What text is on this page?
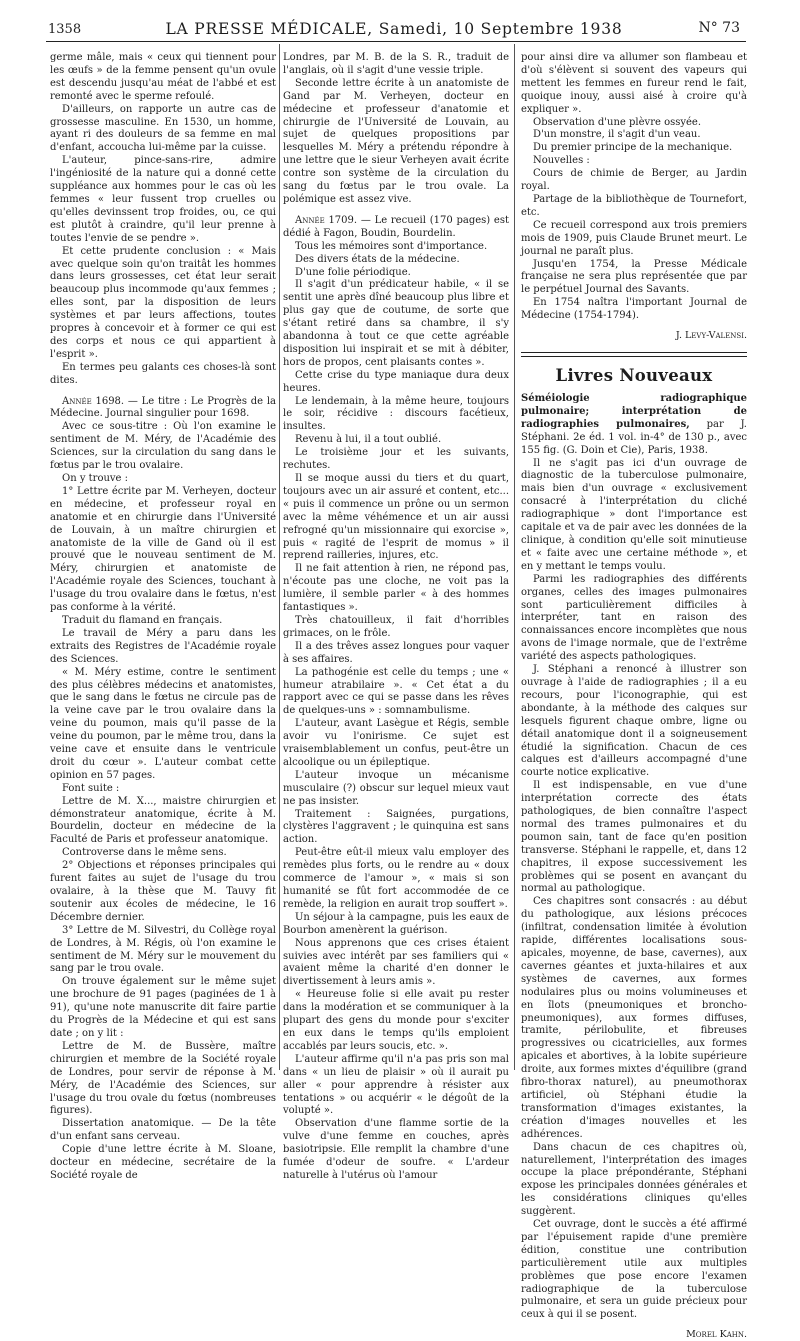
1358	LA PRESSE MÉDICALE, Samedi, 10 Septembre 1938	N° 73

germe mâle, mais « ceux qui tiennent pour les œufs » de la femme pensent qu'un ovule est descendu jusqu'au méat de l'abbé et est remonté avec le sperme refoulé.

D'ailleurs, on rapporte un autre cas de grossesse masculine. En 1530, un homme, ayant ri des douleurs de sa femme en mal d'enfant, accoucha lui-même par la cuisse.

L'auteur, pince-sans-rire, admire l'ingéniosité de la nature qui a donné cette suppléance aux hommes pour le cas où les femmes « leur fussent trop cruelles ou qu'elles devinssent trop froides, ou, ce qui est plutôt à craindre, qu'il leur prenne à toutes l'envie de se pendre ».

Et cette prudente conclusion : « Mais avec quelque soin qu'on traitât les hommes dans leurs grossesses, cet état leur serait beaucoup plus incommode qu'aux femmes ; elles sont, par la disposition de leurs systèmes et par leurs affections, toutes propres à concevoir et à former ce qui est des corps et nous ce qui appartient à l'esprit ».

En termes peu galants ces choses-là sont dites.

Année 1698. — Le titre : Le Progrès de la Médecine. Journal singulier pour 1698.

Avec ce sous-titre : Où l'on examine le sentiment de M. Méry, de l'Académie des Sciences, sur la circulation du sang dans le fœtus par le trou ovalaire.

On y trouve :

1° Lettre écrite par M. Verheyen, docteur en médecine, et professeur royal en anatomie et en chirurgie dans l'Université de Louvain, à un maître chirurgien et anatomiste de la ville de Gand où il est prouvé que le nouveau sentiment de M. Méry, chirurgien et anatomiste de l'Académie royale des Sciences, touchant à l'usage du trou ovalaire dans le fœtus, n'est pas conforme à la vérité.

Traduit du flamand en français.

Le travail de Méry a paru dans les extraits des Registres de l'Académie royale des Sciences.

« M. Méry estime, contre le sentiment des plus célèbres médecins et anatomistes, que le sang dans le fœtus ne circule pas de la veine cave par le trou ovalaire dans la veine du poumon, mais qu'il passe de la veine du poumon, par le même trou, dans la veine cave et ensuite dans le ventricule droit du cœur ». L'auteur combat cette opinion en 57 pages.

Font suite :

Lettre de M. X..., maistre chirurgien et démonstrateur anatomique, écrite à M. Bourdelin, docteur en médecine de la Faculté de Paris et professeur anatomique.

Controverse dans le même sens.

2° Objections et réponses principales qui furent faites au sujet de l'usage du trou ovalaire, à la thèse que M. Tauvy fit soutenir aux écoles de médecine, le 16 Décembre dernier.

3° Lettre de M. Silvestri, du Collège royal de Londres, à M. Régis, où l'on examine le sentiment de M. Méry sur le mouvement du sang par le trou ovale.

On trouve également sur le même sujet une brochure de 91 pages (paginées de 1 à 91), qu'une note manuscrite dit faire partie du Progrès de la Médecine et qui est sans date ; on y lit :

Lettre de M. de Bussère, maître chirurgien et membre de la Société royale de Londres, pour servir de réponse à M. Méry, de l'Académie des Sciences, sur l'usage du trou ovale du fœtus (nombreuses figures).

Dissertation anatomique. — De la tête d'un enfant sans cerveau.

Copie d'une lettre écrite à M. Sloane, docteur en médecine, secrétaire de la Société royale de

Londres, par M. B. de la S. R., traduit de l'anglais, où il s'agit d'une vessie triple.

Seconde lettre écrite à un anatomiste de Gand par M. Verheyen, docteur en médecine et professeur d'anatomie et chirurgie de l'Université de Louvain, au sujet de quelques propositions par lesquelles M. Méry a prétendu répondre à une lettre que le sieur Verheyen avait écrite contre son système de la circulation du sang du fœtus par le trou ovale. La polémique est assez vive.

Année 1709. — Le recueil (170 pages) est dédié à Fagon, Boudin, Bourdelin.

Tous les mémoires sont d'importance.

Des divers états de la médecine.

D'une folie périodique.

Il s'agit d'un prédicateur habile, « il se sentit une après dîné beaucoup plus libre et plus gay que de coutume, de sorte que s'étant retiré dans sa chambre, il s'y abandonna à tout ce que cette agréable disposition lui inspirait et se mit à débiter, hors de propos, cent plaisants contes ».

Cette crise du type maniaque dura deux heures.

Le lendemain, à la même heure, toujours le soir, récidive : discours facétieux, insultes.

Revenu à lui, il a tout oublié.

Le troisième jour et les suivants, rechutes.

Il se moque aussi du tiers et du quart, toujours avec un air assuré et content, etc... « puis il commence un prône ou un sermon avec la même véhémence et un air aussi refrogné qu'un missionnaire qui exorcise », puis « ragité de l'esprit de momus » il reprend railleries, injures, etc.

Il ne fait attention à rien, ne répond pas, n'écoute pas une cloche, ne voit pas la lumière, il semble parler « à des hommes fantastiques ».

Très chatouilleux, il fait d'horribles grimaces, on le frôle.

Il a des trêves assez longues pour vaquer à ses affaires.

La pathogénie est celle du temps ; une « humeur atrabilaire ». « Cet état a du rapport avec ce qui se passe dans les rêves de quelques-uns » : somnambulisme.

L'auteur, avant Lasègue et Régis, semble avoir vu l'onirisme. Ce sujet est vraisemblablement un confus, peut-être un alcoolique ou un épileptique.

L'auteur invoque un mécanisme musculaire (?) obscur sur lequel mieux vaut ne pas insister.

Traitement : Saignées, purgations, clystères l'aggravent ; le quinquina est sans action.

Peut-être eût-il mieux valu employer des remèdes plus forts, ou le rendre au « doux commerce de l'amour », « mais si son humanité se fût fort accommodée de ce remède, la religion en aurait trop souffert ».

Un séjour à la campagne, puis les eaux de Bourbon amenèrent la guérison.

Nous apprenons que ces crises étaient suivies avec intérêt par ses familiers qui « avaient même la charité d'en donner le divertissement à leurs amis ».

« Heureuse folie si elle avait pu rester dans la modération et se communiquer à la plupart des gens du monde pour s'exciter en eux dans le temps qu'ils emploient accablés par leurs soucis, etc. ».

L'auteur affirme qu'il n'a pas pris son mal dans « un lieu de plaisir » où il aurait pu aller « pour apprendre à résister aux tentations » ou acquérir « le dégoût de la volupté ».

Observation d'une flamme sortie de la vulve d'une femme en couches, après basiotripsie. Elle remplit la chambre d'une fumée d'odeur de soufre. « L'ardeur naturelle à l'utérus où l'amour

pour ainsi dire va allumer son flambeau et d'où s'élèvent si souvent des vapeurs qui mettent les femmes en fureur rend le fait, quoique inouy, aussi aisé à croire qu'à expliquer ».

Observation d'une plèvre ossyée.

D'un monstre, il s'agit d'un veau.

Du premier principe de la mechanique.

Nouvelles :

Cours de chimie de Berger, au Jardin royal.

Partage de la bibliothèque de Tournefort, etc.

Ce recueil correspond aux trois premiers mois de 1909, puis Claude Brunet meurt. Le journal ne paraît plus.

Jusqu'en 1754, la Presse Médicale française ne sera plus représentée que par le perpétuel Journal des Savants.

En 1754 naîtra l'important Journal de Médecine (1754-1794).

J. Levy-Valensi.

Livres Nouveaux

Séméiologie radiographique pulmonaire; interprétation de radiographies pulmonaires, par J. Stéphani. 2e éd. 1 vol. in-4° de 130 p., avec 155 fig. (G. Doin et Cie), Paris, 1938.

Il ne s'agit pas ici d'un ouvrage de diagnostic de la tuberculose pulmonaire, mais bien d'un ouvrage « exclusivement consacré à l'interprétation du cliché radiographique » dont l'importance est capitale et va de pair avec les données de la clinique, à condition qu'elle soit minutieuse et « faite avec une certaine méthode », et en y mettant le temps voulu.

Parmi les radiographies des différents organes, celles des images pulmonaires sont particulièrement difficiles à interpréter, tant en raison des connaissances encore incomplètes que nous avons de l'image normale, que de l'extrême variété des aspects pathologiques.

J. Stéphani a renoncé à illustrer son ouvrage à l'aide de radiographies ; il a eu recours, pour l'iconographie, qui est abondante, à la méthode des calques sur lesquels figurent chaque ombre, ligne ou détail anatomique dont il a soigneusement étudié la signification. Chacun de ces calques est d'ailleurs accompagné d'une courte notice explicative.

Il est indispensable, en vue d'une interprétation correcte des états pathologiques, de bien connaître l'aspect normal des trames pulmonaires et du poumon sain, tant de face qu'en position transverse. Stéphani le rappelle, et, dans 12 chapitres, il expose successivement les problèmes qui se posent en avançant du normal au pathologique.

Ces chapitres sont consacrés : au début du pathologique, aux lésions précoces (infiltrat, condensation limitée à évolution rapide, différentes localisations sous-apicales, moyenne, de base, cavernes), aux cavernes géantes et juxta-hilaires et aux systèmes de cavernes, aux formes nodulaires plus ou moins volumineuses et en îlots (pneumoniques et broncho-pneumoniques), aux formes diffuses, tramite, périlobulite, et fibreuses progressives ou cicatricielles, aux formes apicales et abortives, à la lobite supérieure droite, aux formes mixtes d'équilibre (grand fibro-thorax naturel), au pneumothorax artificiel, où Stéphani étudie la transformation d'images existantes, la création d'images nouvelles et les adhérences.

Dans chacun de ces chapitres où, naturellement, l'interprétation des images occupe la place prépondérante, Stéphani expose les principales données générales et les considérations cliniques qu'elles suggèrent.

Cet ouvrage, dont le succès a été affirmé par l'épuisement rapide d'une première édition, constitue une contribution particulièrement utile aux multiples problèmes que pose encore l'examen radiographique de la tuberculose pulmonaire, et sera un guide précieux pour ceux à qui il se posent.

Morel Kahn.
